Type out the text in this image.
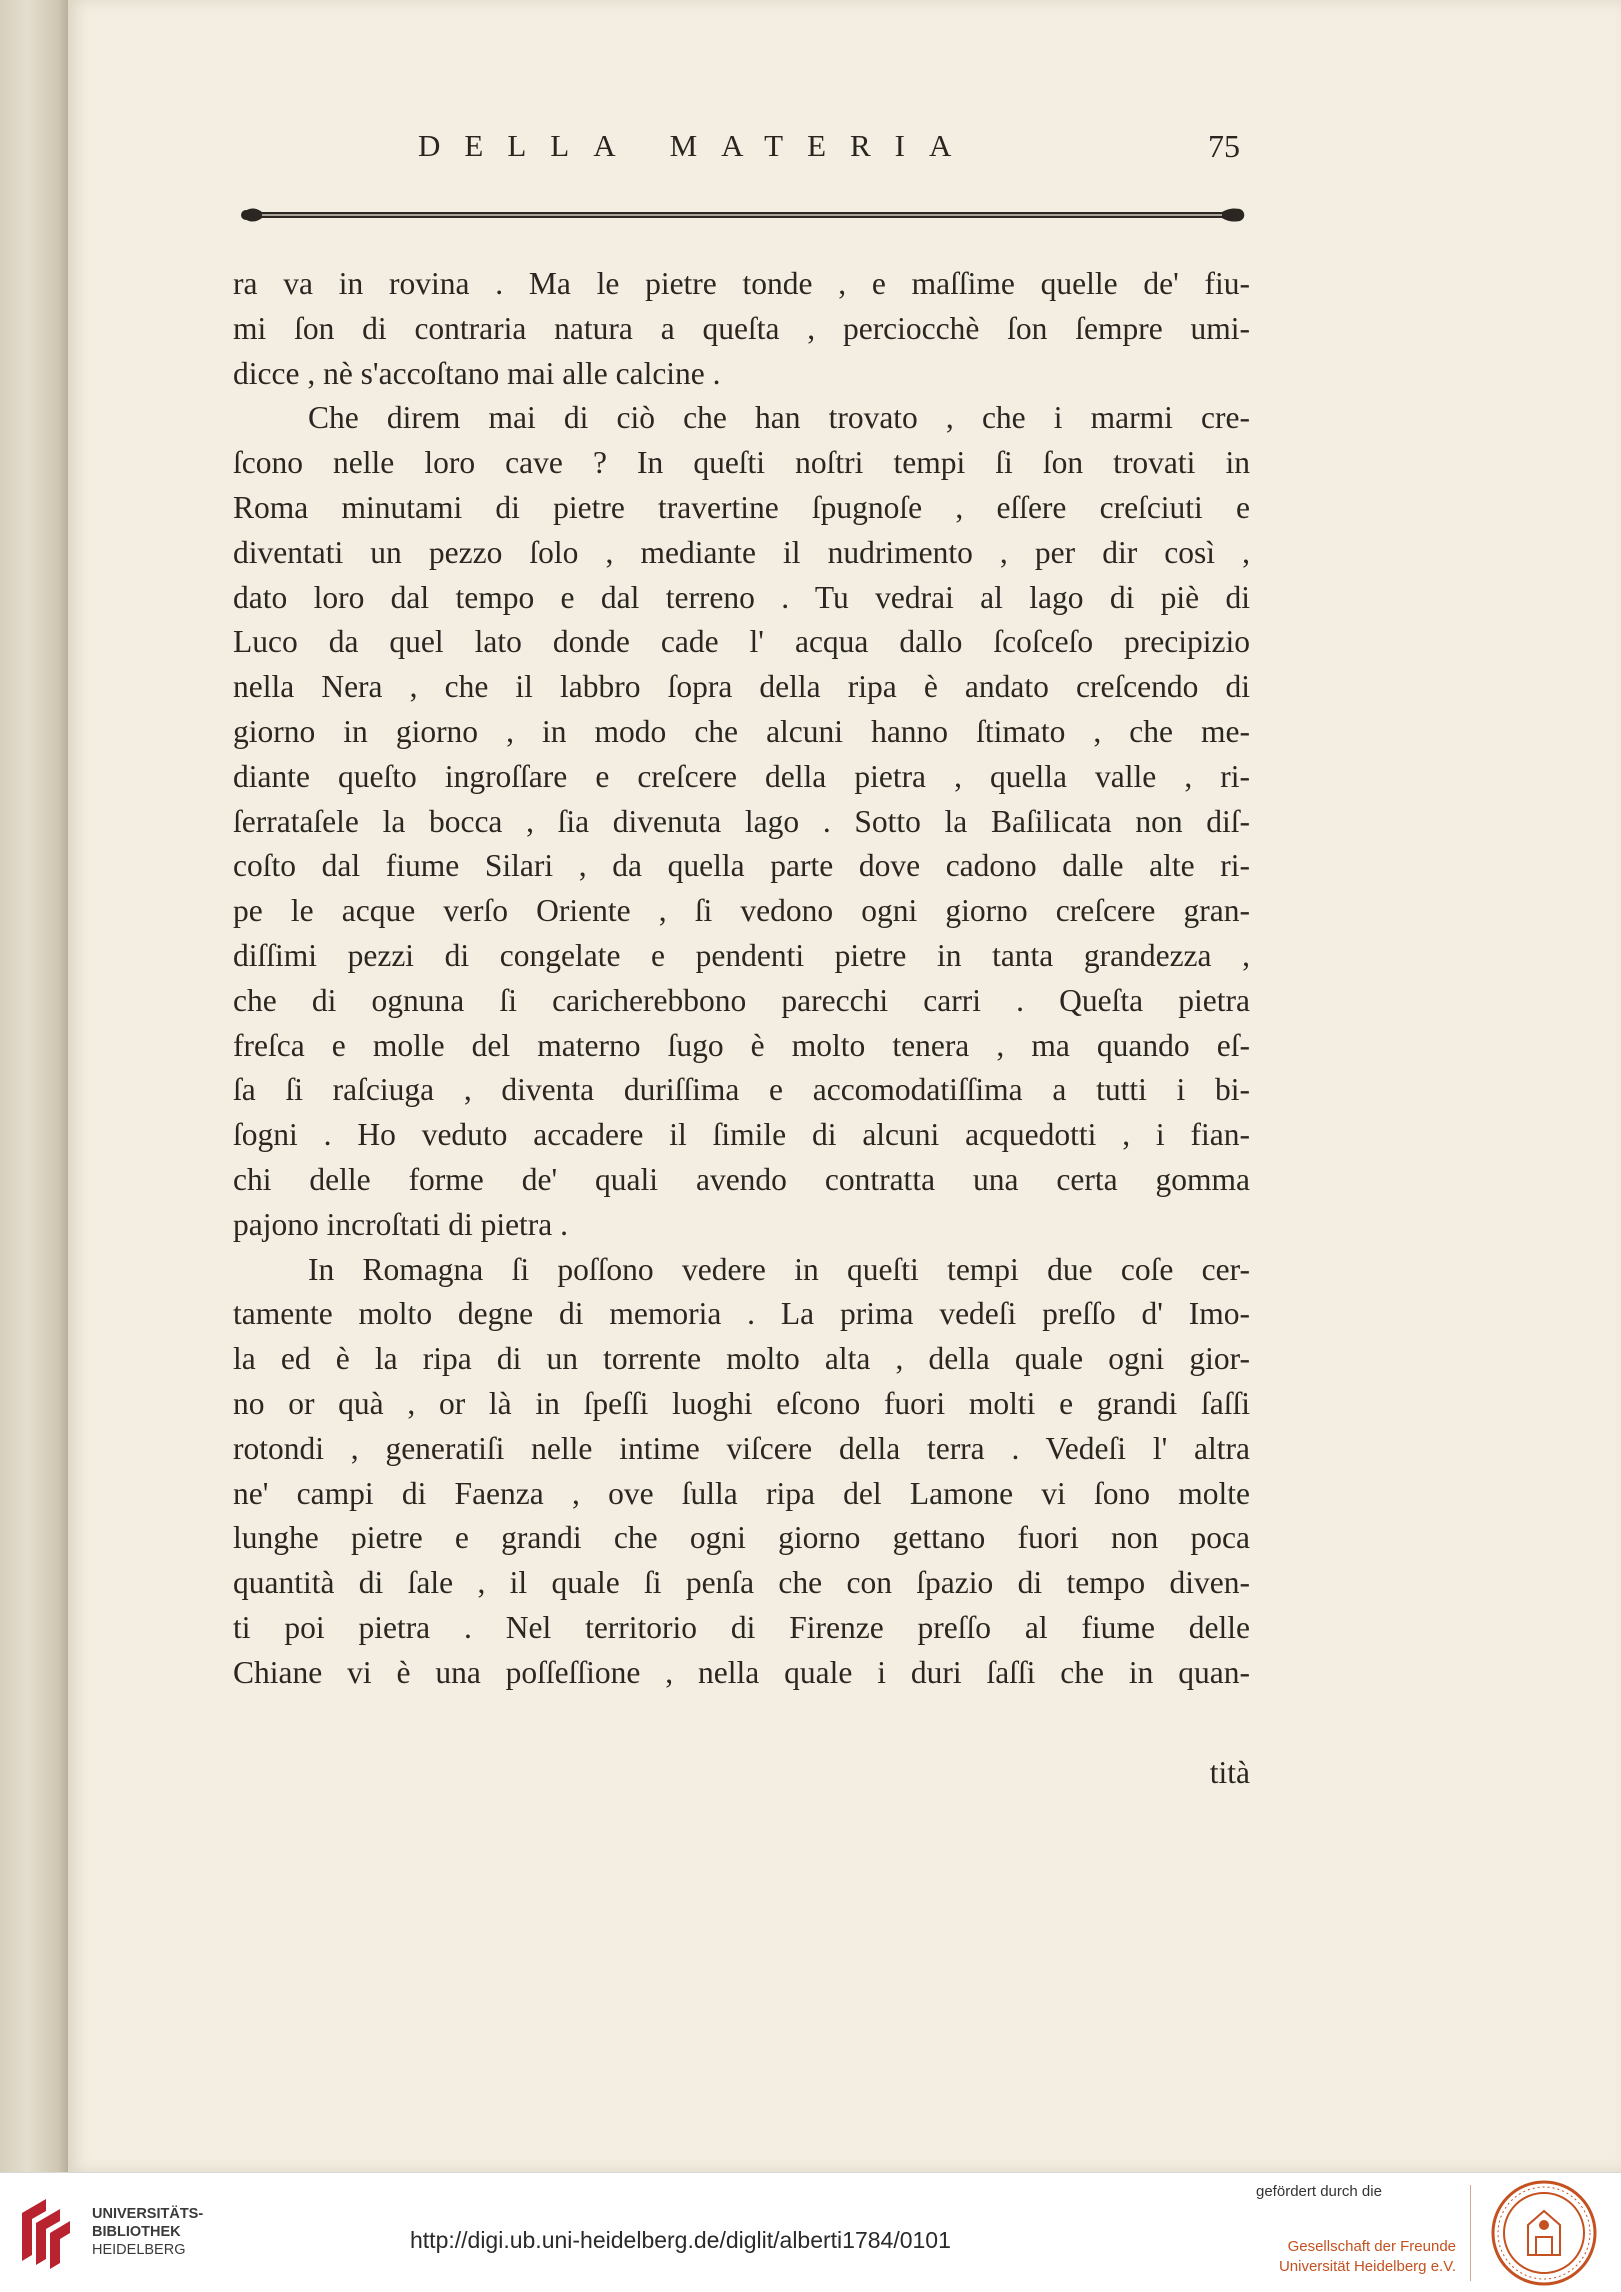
DELLA MATERIA	75
ra va in rovina . Ma le pietre tonde , e maſſime quelle de' fiu-
mi ſon di contraria natura a queſta , perciocchè ſon ſempre umi-
dicce , nè s'accoſtano mai alle calcine .
Che direm mai di ciò che han trovato , che i marmi cre-
ſcono nelle loro cave ? In queſti noſtri tempi ſi ſon trovati in
Roma minutami di pietre travertine ſpugnoſe , eſſere creſciuti e
diventati un pezzo ſolo , mediante il nudrimento , per dir così ,
dato loro dal tempo e dal terreno . Tu vedrai al lago di piè di
Luco da quel lato donde cade l' acqua dallo ſcoſceſo precipizio
nella Nera , che il labbro ſopra della ripa è andato creſcendo di
giorno in giorno , in modo che alcuni hanno ſtimato , che me-
diante queſto ingroſſare e creſcere della pietra , quella valle , ri-
ſerrataſele la bocca , ſia divenuta lago . Sotto la Baſilicata non diſ-
coſto dal fiume Silari , da quella parte dove cadono dalle alte ri-
pe le acque verſo Oriente , ſi vedono ogni giorno creſcere gran-
diſſimi pezzi di congelate e pendenti pietre in tanta grandezza ,
che di ognuna ſi caricherebbono parecchi carri . Queſta pietra
freſca e molle del materno ſugo è molto tenera , ma quando eſ-
ſa ſi raſciuga , diventa duriſſima e accomodatiſſima a tutti i bi-
ſogni . Ho veduto accadere il ſimile di alcuni acquedotti , i fian-
chi delle forme de' quali avendo contratta una certa gomma
pajono incroſtati di pietra .
In Romagna ſi poſſono vedere in queſti tempi due coſe cer-
tamente molto degne di memoria . La prima vedeſi preſſo d' Imo-
la ed è la ripa di un torrente molto alta , della quale ogni gior-
no or quà , or là in ſpeſſi luoghi eſcono fuori molti e grandi ſaſſi
rotondi , generatiſi nelle intime viſcere della terra . Vedeſi l' altra
ne' campi di Faenza , ove ſulla ripa del Lamone vi ſono molte
lunghe pietre e grandi che ogni giorno gettano fuori non poca
quantità di ſale , il quale ſi penſa che con ſpazio di tempo diven-
ti poi pietra . Nel territorio di Firenze preſſo al fiume delle
Chiane vi è una poſſeſſione , nella quale i duri ſaſſi che in quan-
tità
UNIVERSITÄTS-
BIBLIOTHEK
HEIDELBERG	http://digi.ub.uni-heidelberg.de/diglit/alberti1784/0101
gefördert durch die
Gesellschaft der Freunde
Universität Heidelberg e.V.
